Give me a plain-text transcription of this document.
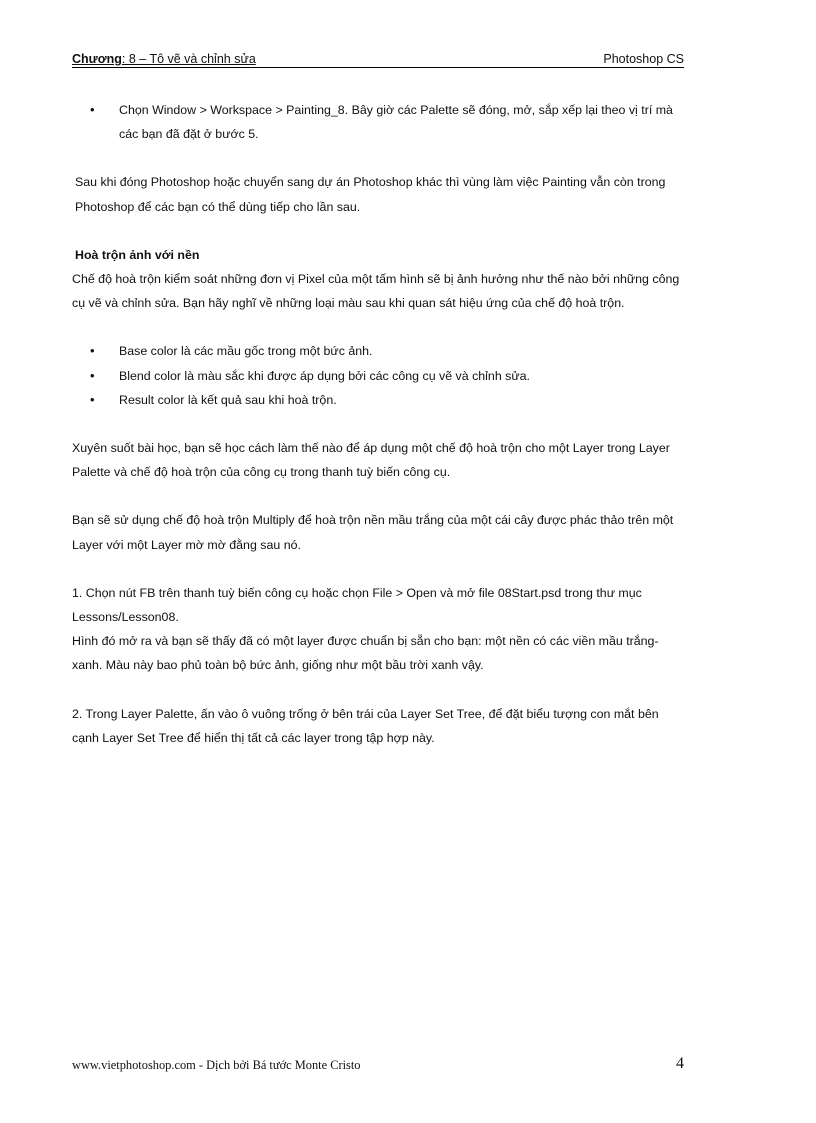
Chương: 8 – Tô vẽ và chỉnh sửa	Photoshop CS
• Chọn Window > Workspace > Painting_8. Bây giờ các Palette sẽ đóng, mở, sắp xếp lại theo vị trí mà các bạn đã đặt ở bước 5.

Sau khi đóng Photoshop hoặc chuyển sang dự án Photoshop khác thì vùng làm việc Painting vẫn còn trong Photoshop để các bạn có thể dùng tiếp cho lần sau.

Hoà trộn ảnh với nền

Chế độ hoà trộn kiểm soát những đơn vị Pixel của một tấm hình sẽ bị ảnh hưởng như thế nào bởi những công cụ vẽ và chỉnh sửa. Bạn hãy nghĩ về những loại màu sau khi quan sát hiệu ứng của chế độ hoà trộn.

• Base color là các mầu gốc trong một bức ảnh.
• Blend color là màu sắc khi được áp dụng bởi các công cụ vẽ và chỉnh sửa.
• Result color là kết quả sau khi hoà trộn.

Xuyên suốt bài học, bạn sẽ học cách làm thế nào để áp dụng một chế độ hoà trộn cho một Layer trong Layer Palette và chế độ hoà trộn của công cụ trong thanh tuỳ biến công cụ.

Bạn sẽ sử dụng chế độ hoà trộn Multiply để hoà trộn nền mầu trắng của một cái cây được phác thảo trên một Layer với một Layer mờ mờ đằng sau nó.

1. Chọn nút FB trên thanh tuỳ biến công cụ hoặc chọn File > Open và mở file 08Start.psd trong thư mục Lessons/Lesson08.

Hình đó mở ra và bạn sẽ thấy đã có một layer được chuẩn bị sẵn cho bạn: một nền có các viền mầu trắng-xanh. Màu này bao phủ toàn bộ bức ảnh, giống như một bầu trời xanh vậy.

2. Trong Layer Palette, ấn vào ô vuông trống ở bên trái của Layer Set Tree, để đặt biểu tượng con mắt bên cạnh Layer Set Tree để hiển thị tất cả các layer trong tập hợp này.

www.vietphotoshop.com - Dịch bởi Bá tước Monte Cristo	4
